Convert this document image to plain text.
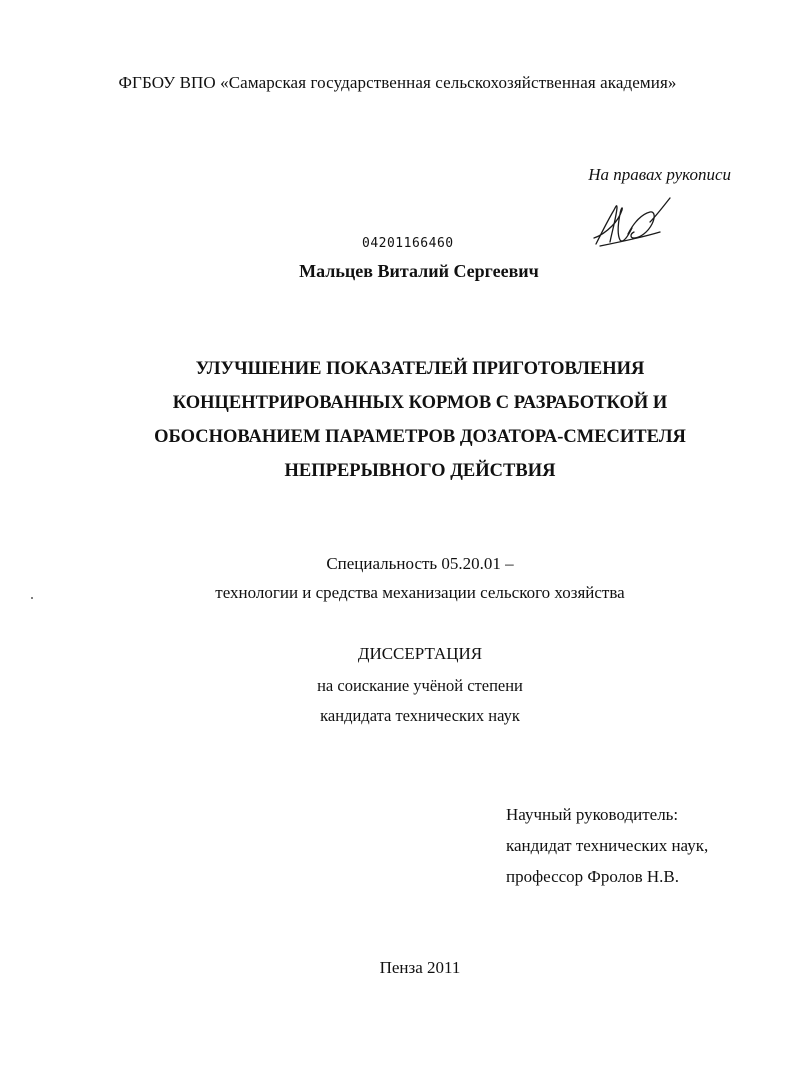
ФГБОУ ВПО «Самарская государственная сельскохозяйственная академия»
На правах рукописи
04201166460
Мальцев Виталий Сергеевич
УЛУЧШЕНИЕ ПОКАЗАТЕЛЕЙ ПРИГОТОВЛЕНИЯ
КОНЦЕНТРИРОВАННЫХ КОРМОВ С РАЗРАБОТКОЙ И
ОБОСНОВАНИЕМ ПАРАМЕТРОВ ДОЗАТОРА-СМЕСИТЕЛЯ
НЕПРЕРЫВНОГО ДЕЙСТВИЯ
Специальность 05.20.01 –
технологии и средства механизации сельского хозяйства
ДИССЕРТАЦИЯ
на соискание учёной степени
кандидата технических наук
Научный руководитель:
кандидат технических наук,
профессор Фролов Н.В.
Пенза 2011
